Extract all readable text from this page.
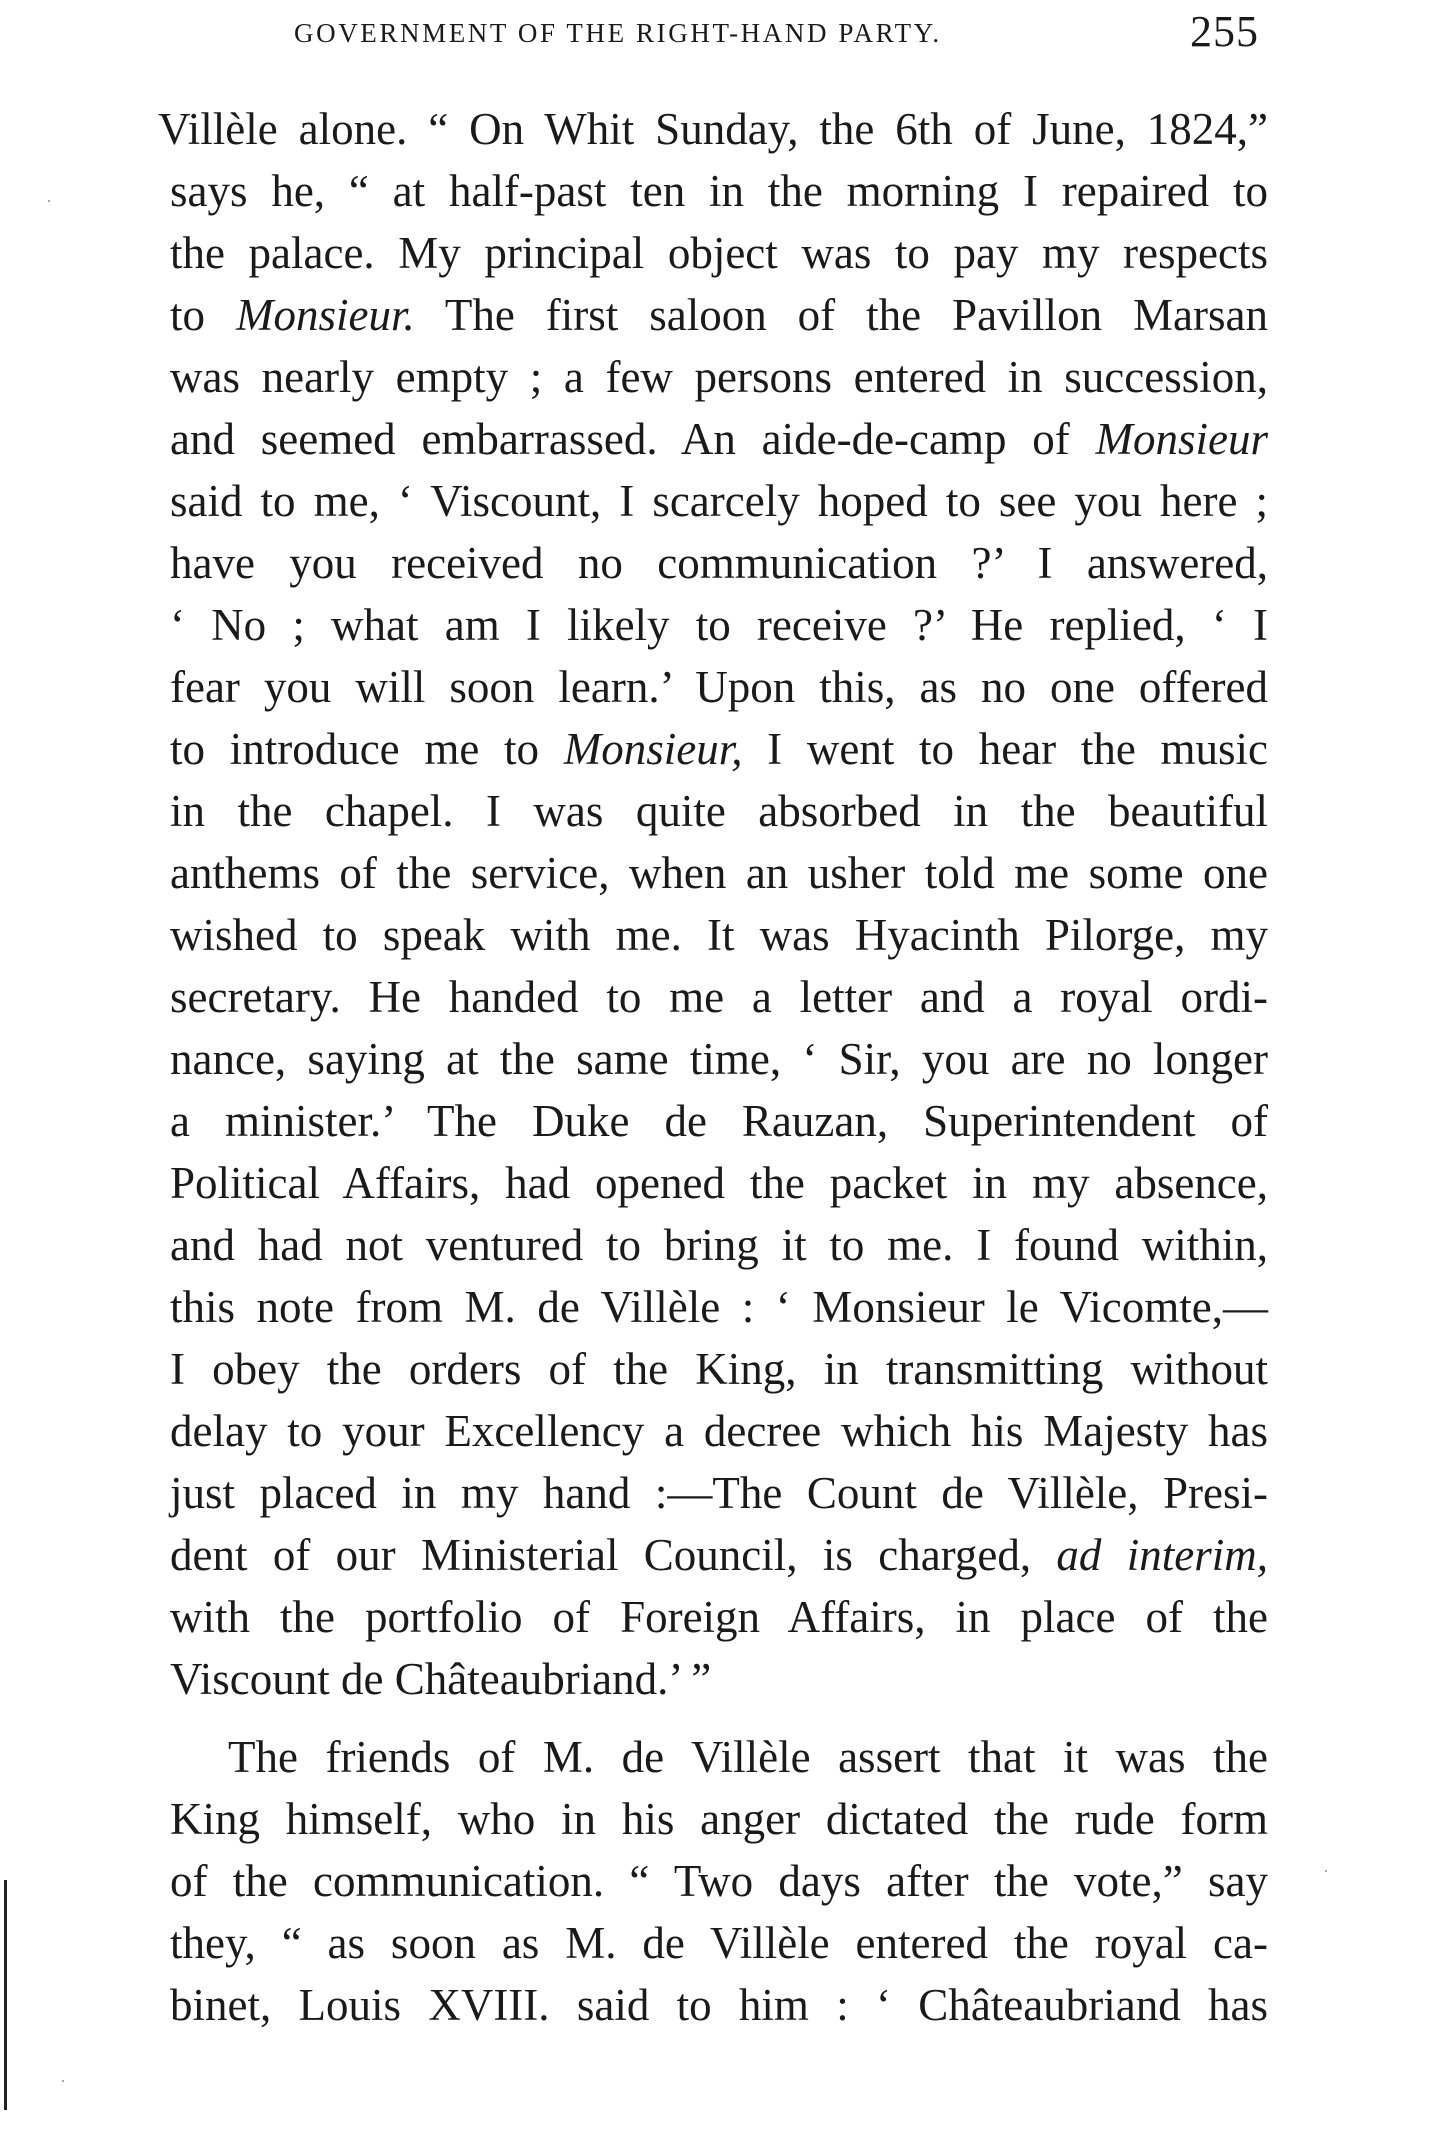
GOVERNMENT OF THE RIGHT-HAND PARTY.	255
Villèle alone. “ On Whit Sunday, the 6th of June, 1824,”
says he, “ at half-past ten in the morning I repaired to
the palace. My principal object was to pay my respects
to Monsieur. The first saloon of the Pavillon Marsan
was nearly empty ; a few persons entered in succession,
and seemed embarrassed. An aide-de-camp of Monsieur
said to me, ‘ Viscount, I scarcely hoped to see you here ;
have you received no communication ?’ I answered,
‘ No ; what am I likely to receive ?’ He replied, ‘ I
fear you will soon learn.’ Upon this, as no one offered
to introduce me to Monsieur, I went to hear the music
in the chapel. I was quite absorbed in the beautiful
anthems of the service, when an usher told me some one
wished to speak with me. It was Hyacinth Pilorge, my
secretary. He handed to me a letter and a royal ordi-
nance, saying at the same time, ‘ Sir, you are no longer
a minister.’ The Duke de Rauzan, Superintendent of
Political Affairs, had opened the packet in my absence,
and had not ventured to bring it to me. I found within,
this note from M. de Villèle : ‘ Monsieur le Vicomte,—
I obey the orders of the King, in transmitting without
delay to your Excellency a decree which his Majesty has
just placed in my hand :—The Count de Villèle, Presi-
dent of our Ministerial Council, is charged, ad interim,
with the portfolio of Foreign Affairs, in place of the
Viscount de Châteaubriand.’ ”
The friends of M. de Villèle assert that it was the
King himself, who in his anger dictated the rude form
of the communication. “ Two days after the vote,” say
they, “ as soon as M. de Villèle entered the royal ca-
binet, Louis XVIII. said to him : ‘ Châteaubriand has
